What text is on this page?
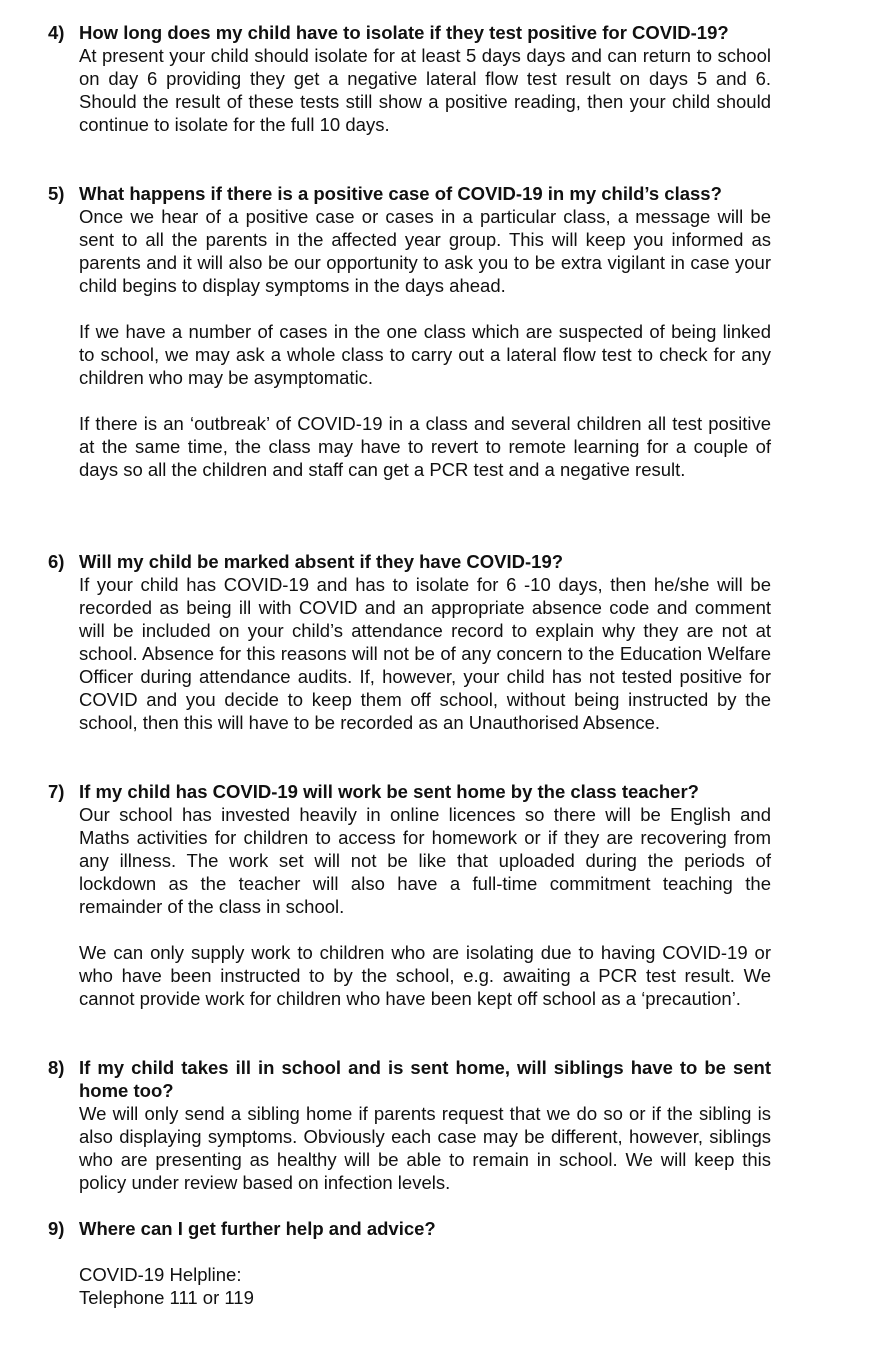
4) How long does my child have to isolate if they test positive for COVID-19?

At present your child should isolate for at least 5 days days and can return to school on day 6 providing they get a negative lateral flow test result on days 5 and 6. Should the result of these tests still show a positive reading, then your child should continue to isolate for the full 10 days.

5) What happens if there is a positive case of COVID-19 in my child’s class?

Once we hear of a positive case or cases in a particular class, a message will be sent to all the parents in the affected year group. This will keep you informed as parents and it will also be our opportunity to ask you to be extra vigilant in case your child begins to display symptoms in the days ahead.

If we have a number of cases in the one class which are suspected of being linked to school, we may ask a whole class to carry out a lateral flow test to check for any children who may be asymptomatic.

If there is an ‘outbreak’ of COVID-19 in a class and several children all test positive at the same time, the class may have to revert to remote learning for a couple of days so all the children and staff can get a PCR test and a negative result.

6) Will my child be marked absent if they have COVID-19?

If your child has COVID-19 and has to isolate for 6 -10 days, then he/she will be recorded as being ill with COVID and an appropriate absence code and comment will be included on your child’s attendance record to explain why they are not at school. Absence for this reasons will not be of any concern to the Education Welfare Officer during attendance audits. If, however, your child has not tested positive for COVID and you decide to keep them off school, without being instructed by the school, then this will have to be recorded as an Unauthorised Absence.

7) If my child has COVID-19 will work be sent home by the class teacher?

Our school has invested heavily in online licences so there will be English and Maths activities for children to access for homework or if they are recovering from any illness. The work set will not be like that uploaded during the periods of lockdown as the teacher will also have a full-time commitment teaching the remainder of the class in school.

We can only supply work to children who are isolating due to having COVID-19 or who have been instructed to by the school, e.g. awaiting a PCR test result. We cannot provide work for children who have been kept off school as a ‘precaution’.

8) If my child takes ill in school and is sent home, will siblings have to be sent home too?

We will only send a sibling home if parents request that we do so or if the sibling is also displaying symptoms. Obviously each case may be different, however, siblings who are presenting as healthy will be able to remain in school. We will keep this policy under review based on infection levels.

9) Where can I get further help and advice?

COVID-19 Helpline:
Telephone 111 or 119
